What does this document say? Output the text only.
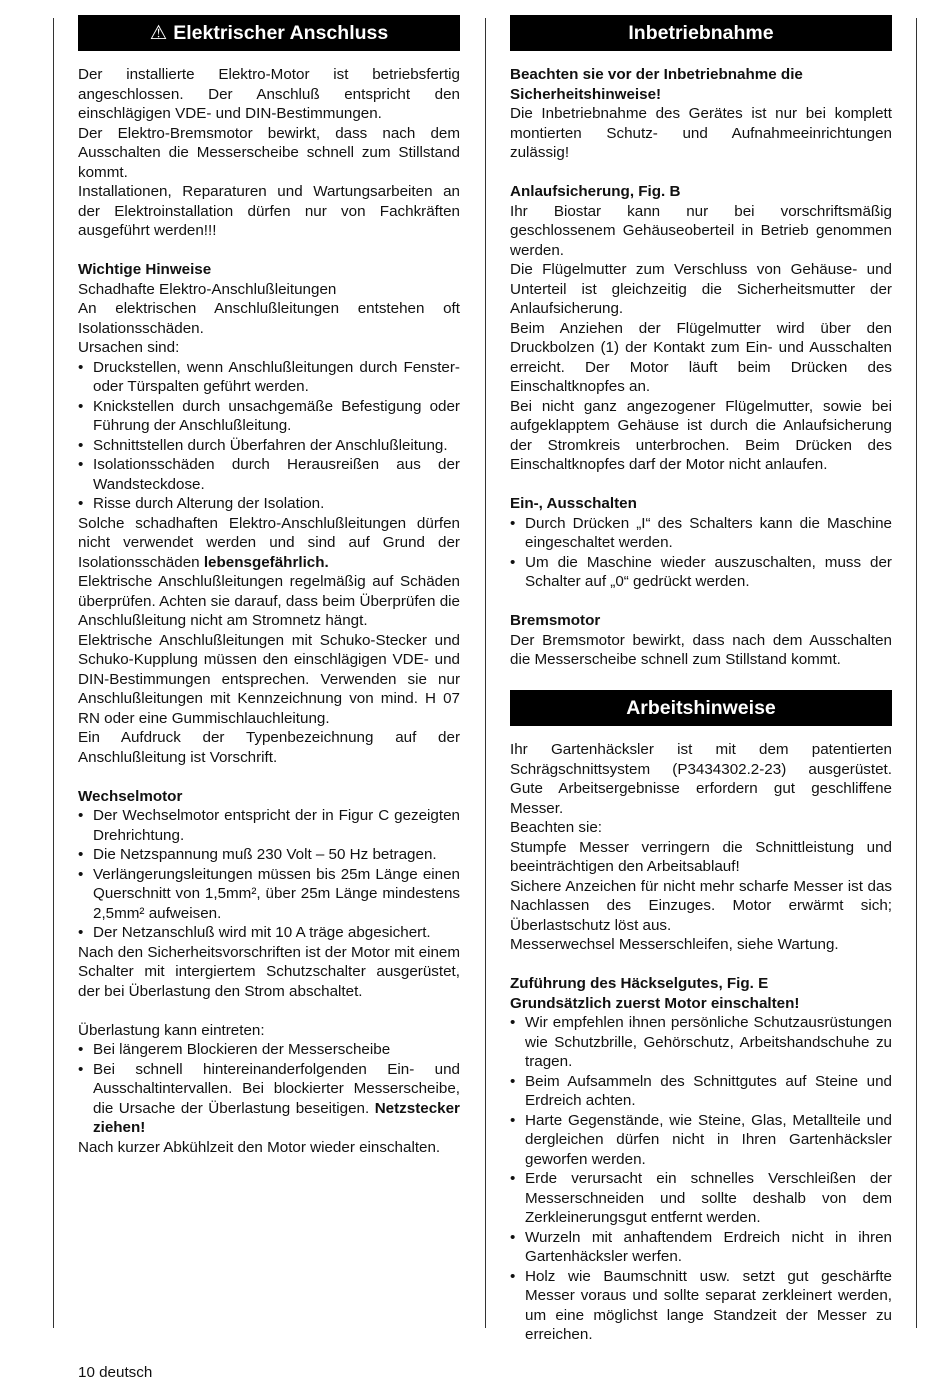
⚠ Elektrischer Anschluss

Der installierte Elektro-Motor ist betriebsfertig angeschlossen. Der Anschluß entspricht den einschlägigen VDE- und DIN-Bestimmungen.

Der Elektro-Bremsmotor bewirkt, dass nach dem Ausschalten die Messerscheibe schnell zum Stillstand kommt.

Installationen, Reparaturen und Wartungsarbeiten an der Elektroinstallation dürfen nur von Fachkräften ausgeführt werden!!!

Wichtige Hinweise

Schadhafte Elektro-Anschlußleitungen

An elektrischen Anschlußleitungen entstehen oft Isolationsschäden.

Ursachen sind:

• Druckstellen, wenn Anschlußleitungen durch Fenster- oder Türspalten geführt werden.
• Knickstellen durch unsachgemäße Befestigung oder Führung der Anschlußleitung.
• Schnittstellen durch Überfahren der Anschlußleitung.
• Isolationsschäden durch Herausreißen aus der Wandsteckdose.
• Risse durch Alterung der Isolation.

Solche schadhaften Elektro-Anschlußleitungen dürfen nicht verwendet werden und sind auf Grund der Isolationsschäden lebensgefährlich.

Elektrische Anschlußleitungen regelmäßig auf Schäden überprüfen. Achten sie darauf, dass beim Überprüfen die Anschlußleitung nicht am Stromnetz hängt.

Elektrische Anschlußleitungen mit Schuko-Stecker und Schuko-Kupplung müssen den einschlägigen VDE- und DIN-Bestimmungen entsprechen. Verwenden sie nur Anschlußleitungen mit Kennzeichnung von mind. H 07 RN oder eine Gummischlauchleitung.

Ein Aufdruck der Typenbezeichnung auf der Anschlußleitung ist Vorschrift.

Wechselmotor
• Der Wechselmotor entspricht der in Figur C gezeigten Drehrichtung.
• Die Netzspannung muß 230 Volt – 50 Hz betragen.
• Verlängerungsleitungen müssen bis 25m Länge einen Querschnitt von 1,5mm², über 25m Länge mindestens 2,5mm² aufweisen.
• Der Netzanschluß wird mit 10 A träge abgesichert.

Nach den Sicherheitsvorschriften ist der Motor mit einem Schalter mit intergiertem Schutzschalter ausgerüstet, der bei Überlastung den Strom abschaltet.

Überlastung kann eintreten:

• Bei längerem Blockieren der Messerscheibe
• Bei schnell hintereinanderfolgenden Ein- und Ausschaltintervallen. Bei blockierter Messerscheibe, die Ursache der Überlastung beseitigen. Netzstecker ziehen!

Nach kurzer Abkühlzeit den Motor wieder einschalten.

Inbetriebnahme
Beachten sie vor der Inbetriebnahme die Sicherheitshinweise!

Die Inbetriebnahme des Gerätes ist nur bei komplett montierten Schutz- und Aufnahmeeinrichtungen zulässig!

Anlaufsicherung, Fig. B

Ihr Biostar kann nur bei vorschriftsmäßig geschlossenem Gehäuseoberteil in Betrieb genommen werden.

Die Flügelmutter zum Verschluss von Gehäuse- und Unterteil ist gleichzeitig die Sicherheitsmutter der Anlaufsicherung.

Beim Anziehen der Flügelmutter wird über den Druckbolzen (1) der Kontakt zum Ein- und Ausschalten erreicht. Der Motor läuft beim Drücken des Einschaltknopfes an.

Bei nicht ganz angezogener Flügelmutter, sowie bei aufgeklapptem Gehäuse ist durch die Anlaufsicherung der Stromkreis unterbrochen. Beim Drücken des Einschaltknopfes darf der Motor nicht anlaufen.

Ein-, Ausschalten
• Durch Drücken „I“ des Schalters kann die Maschine eingeschaltet werden.
• Um die Maschine wieder auszuschalten, muss der Schalter auf „0“ gedrückt werden.
Bremsmotor

Der Bremsmotor bewirkt, dass nach dem Ausschalten die Messerscheibe schnell zum Stillstand kommt.

Arbeitshinweise

Ihr Gartenhäcksler ist mit dem patentierten Schrägschnittsystem (P3434302.2-23) ausgerüstet. Gute Arbeitsergebnisse erfordern gut geschliffene Messer.

Beachten sie:

Stumpfe Messer verringern die Schnittleistung und beeinträchtigen den Arbeitsablauf!

Sichere Anzeichen für nicht mehr scharfe Messer ist das Nachlassen des Einzuges. Motor erwärmt sich; Überlastschutz löst aus.

Messerwechsel Messerschleifen, siehe Wartung.

Zuführung des Häckselgutes, Fig. E
Grundsätzlich zuerst Motor einschalten!
• Wir empfehlen ihnen persönliche Schutzausrüstungen wie Schutzbrille, Gehörschutz, Arbeitshandschuhe zu tragen.
• Beim Aufsammeln des Schnittgutes auf Steine und Erdreich achten.
• Harte Gegenstände, wie Steine, Glas, Metallteile und dergleichen dürfen nicht in Ihren Gartenhäcksler geworfen werden.
• Erde verursacht ein schnelles Verschleißen der Messerschneiden und sollte deshalb von dem Zerkleinerungsgut entfernt werden.
• Wurzeln mit anhaftendem Erdreich nicht in ihren Gartenhäcksler werfen.
• Holz wie Baumschnitt usw. setzt gut geschärfte Messer voraus und sollte separat zerkleinert werden, um eine möglichst lange Standzeit der Messer zu erreichen.
10 deutsch
